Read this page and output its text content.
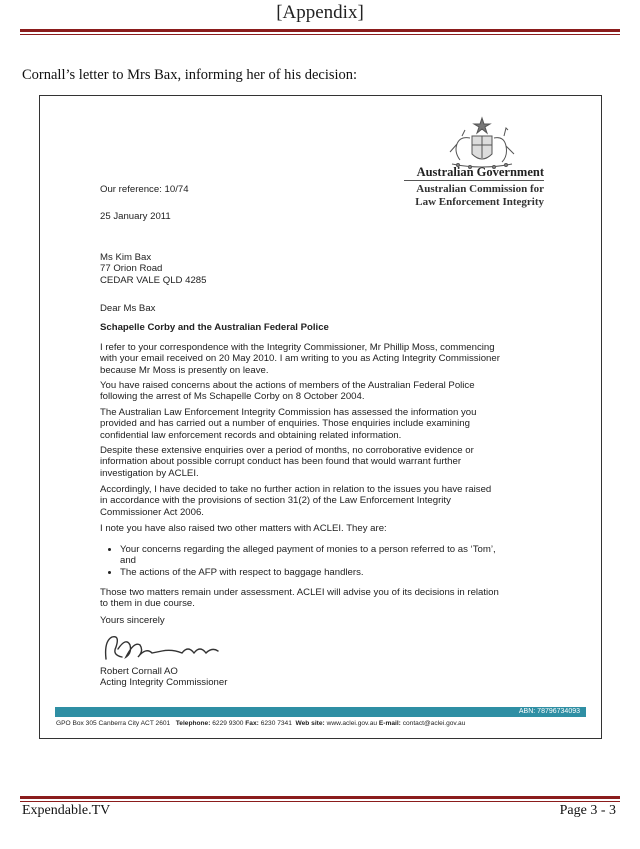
[Appendix]
Cornall’s letter to Mrs Bax, informing her of his decision:
Australian Government
Australian Commission for
Law Enforcement Integrity
Our reference: 10/74
25 January 2011
Ms Kim Bax
77 Orion Road
CEDAR VALE QLD 4285
Dear Ms Bax
Schapelle Corby and the Australian Federal Police
I refer to your correspondence with the Integrity Commissioner, Mr Phillip Moss, commencing with your email received on 20 May 2010. I am writing to you as Acting Integrity Commissioner because Mr Moss is presently on leave.
You have raised concerns about the actions of members of the Australian Federal Police following the arrest of Ms Schapelle Corby on 8 October 2004.
The Australian Law Enforcement Integrity Commission has assessed the information you provided and has carried out a number of enquiries. Those enquiries include examining confidential law enforcement records and obtaining related information.
Despite these extensive enquiries over a period of months, no corroborative evidence or information about possible corrupt conduct has been found that would warrant further investigation by ACLEI.
Accordingly, I have decided to take no further action in relation to the issues you have raised in accordance with the provisions of section 31(2) of the Law Enforcement Integrity Commissioner Act 2006.
I note you have also raised two other matters with ACLEI. They are:
• Your concerns regarding the alleged payment of monies to a person referred to as ‘Tom’, and
• The actions of the AFP with respect to baggage handlers.
Those two matters remain under assessment. ACLEI will advise you of its decisions in relation to them in due course.
Yours sincerely
Robert Cornall AO
Acting Integrity Commissioner
ABN: 78796734093
GPO Box 305 Canberra City ACT 2601 Telephone: 6229 9300 Fax: 6230 7341 Web site: www.aclei.gov.au E-mail: contact@aclei.gov.au
Expendable.TV	Page 3 - 3
